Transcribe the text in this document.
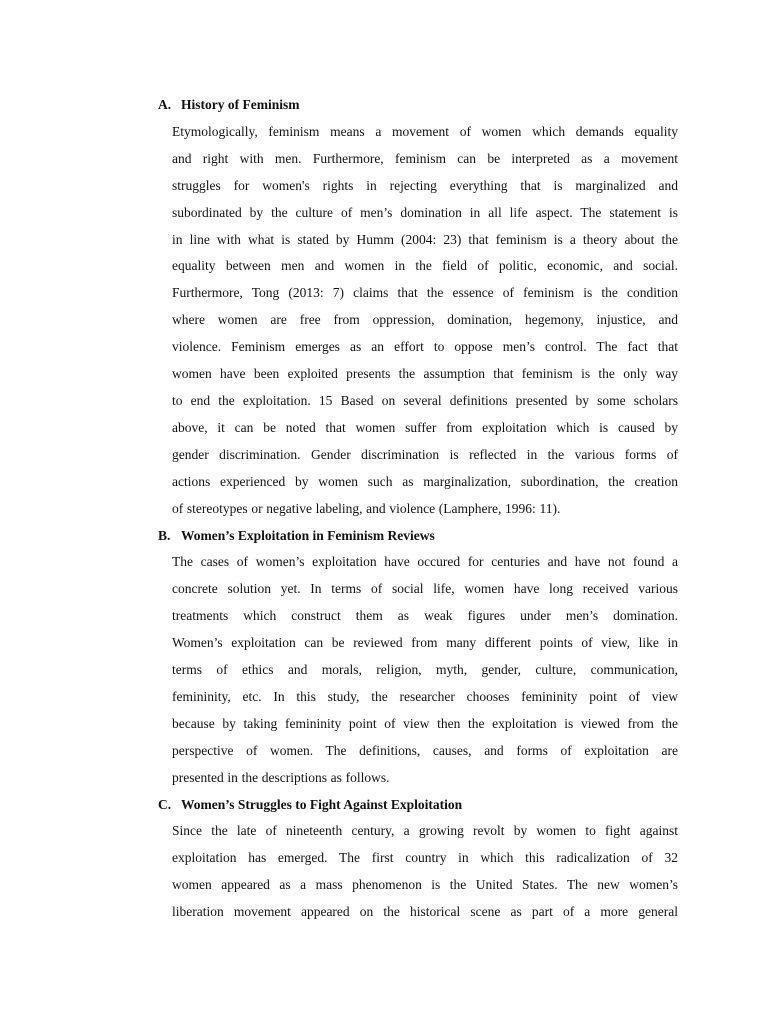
A. History of Feminism
Etymologically, feminism means a movement of women which demands equality
and right with men. Furthermore, feminism can be interpreted as a movement
struggles for women's rights in rejecting everything that is marginalized and
subordinated by the culture of men’s domination in all life aspect. The statement is
in line with what is stated by Humm (2004: 23) that feminism is a theory about the
equality between men and women in the field of politic, economic, and social.
Furthermore, Tong (2013: 7) claims that the essence of feminism is the condition
where women are free from oppression, domination, hegemony, injustice, and
violence. Feminism emerges as an effort to oppose men’s control. The fact that
women have been exploited presents the assumption that feminism is the only way
to end the exploitation. 15 Based on several definitions presented by some scholars
above, it can be noted that women suffer from exploitation which is caused by
gender discrimination. Gender discrimination is reflected in the various forms of
actions experienced by women such as marginalization, subordination, the creation
of stereotypes or negative labeling, and violence (Lamphere, 1996: 11).
B. Women’s Exploitation in Feminism Reviews
The cases of women’s exploitation have occured for centuries and have not found a
concrete solution yet. In terms of social life, women have long received various
treatments which construct them as weak figures under men’s domination.
Women’s exploitation can be reviewed from many different points of view, like in
terms of ethics and morals, religion, myth, gender, culture, communication,
femininity, etc. In this study, the researcher chooses femininity point of view
because by taking femininity point of view then the exploitation is viewed from the
perspective of women. The definitions, causes, and forms of exploitation are
presented in the descriptions as follows.
C. Women’s Struggles to Fight Against Exploitation
Since the late of nineteenth century, a growing revolt by women to fight against
exploitation has emerged. The first country in which this radicalization of 32
women appeared as a mass phenomenon is the United States. The new women’s
liberation movement appeared on the historical scene as part of a more general
